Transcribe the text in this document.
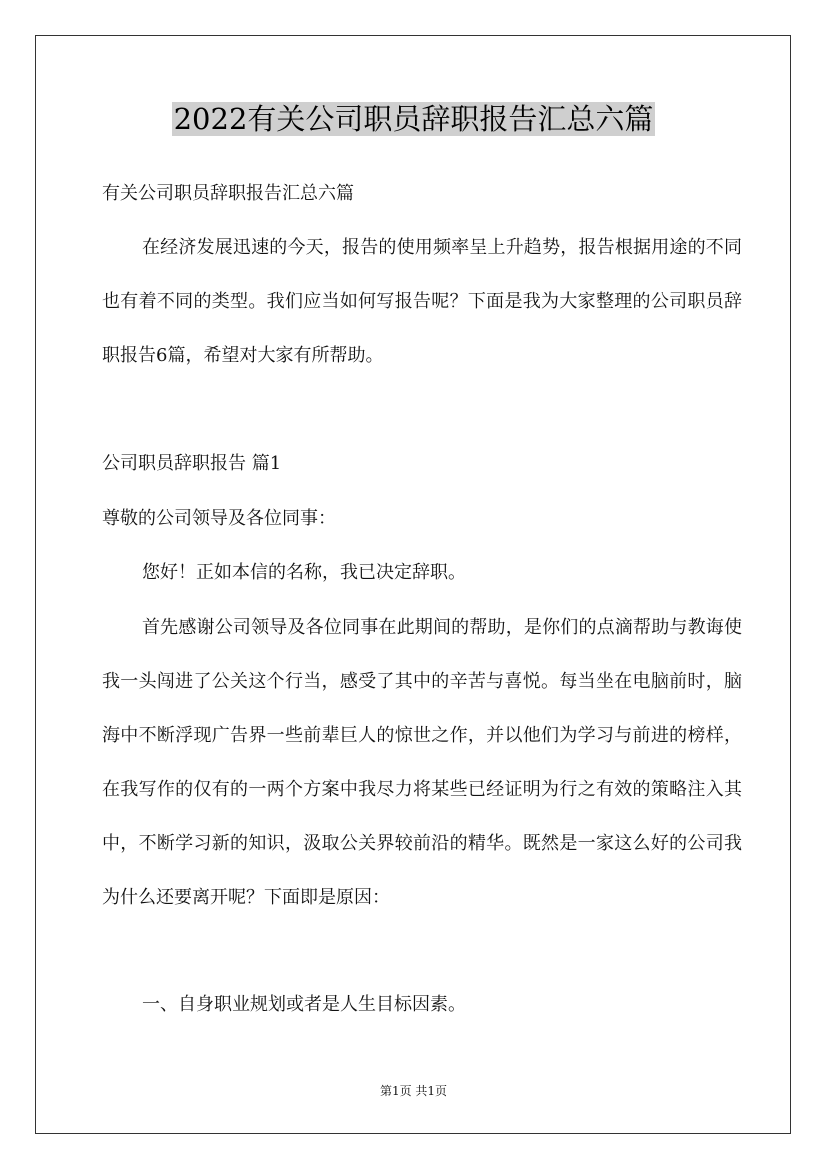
2022有关公司职员辞职报告汇总六篇

有关公司职员辞职报告汇总六篇

在经济发展迅速的今天，报告的使用频率呈上升趋势，报告根据用途的不同也有着不同的类型。我们应当如何写报告呢？下面是我为大家整理的公司职员辞职报告6篇，希望对大家有所帮助。

公司职员辞职报告 篇1

尊敬的公司领导及各位同事：

您好！正如本信的名称，我已决定辞职。

首先感谢公司领导及各位同事在此期间的帮助，是你们的点滴帮助与教诲使我一头闯进了公关这个行当，感受了其中的辛苦与喜悦。每当坐在电脑前时，脑海中不断浮现广告界一些前辈巨人的惊世之作，并以他们为学习与前进的榜样，在我写作的仅有的一两个方案中我尽力将某些已经证明为行之有效的策略注入其中，不断学习新的知识，汲取公关界较前沿的精华。既然是一家这么好的公司我为什么还要离开呢？下面即是原因：

一、自身职业规划或者是人生目标因素。

第1页 共1页
